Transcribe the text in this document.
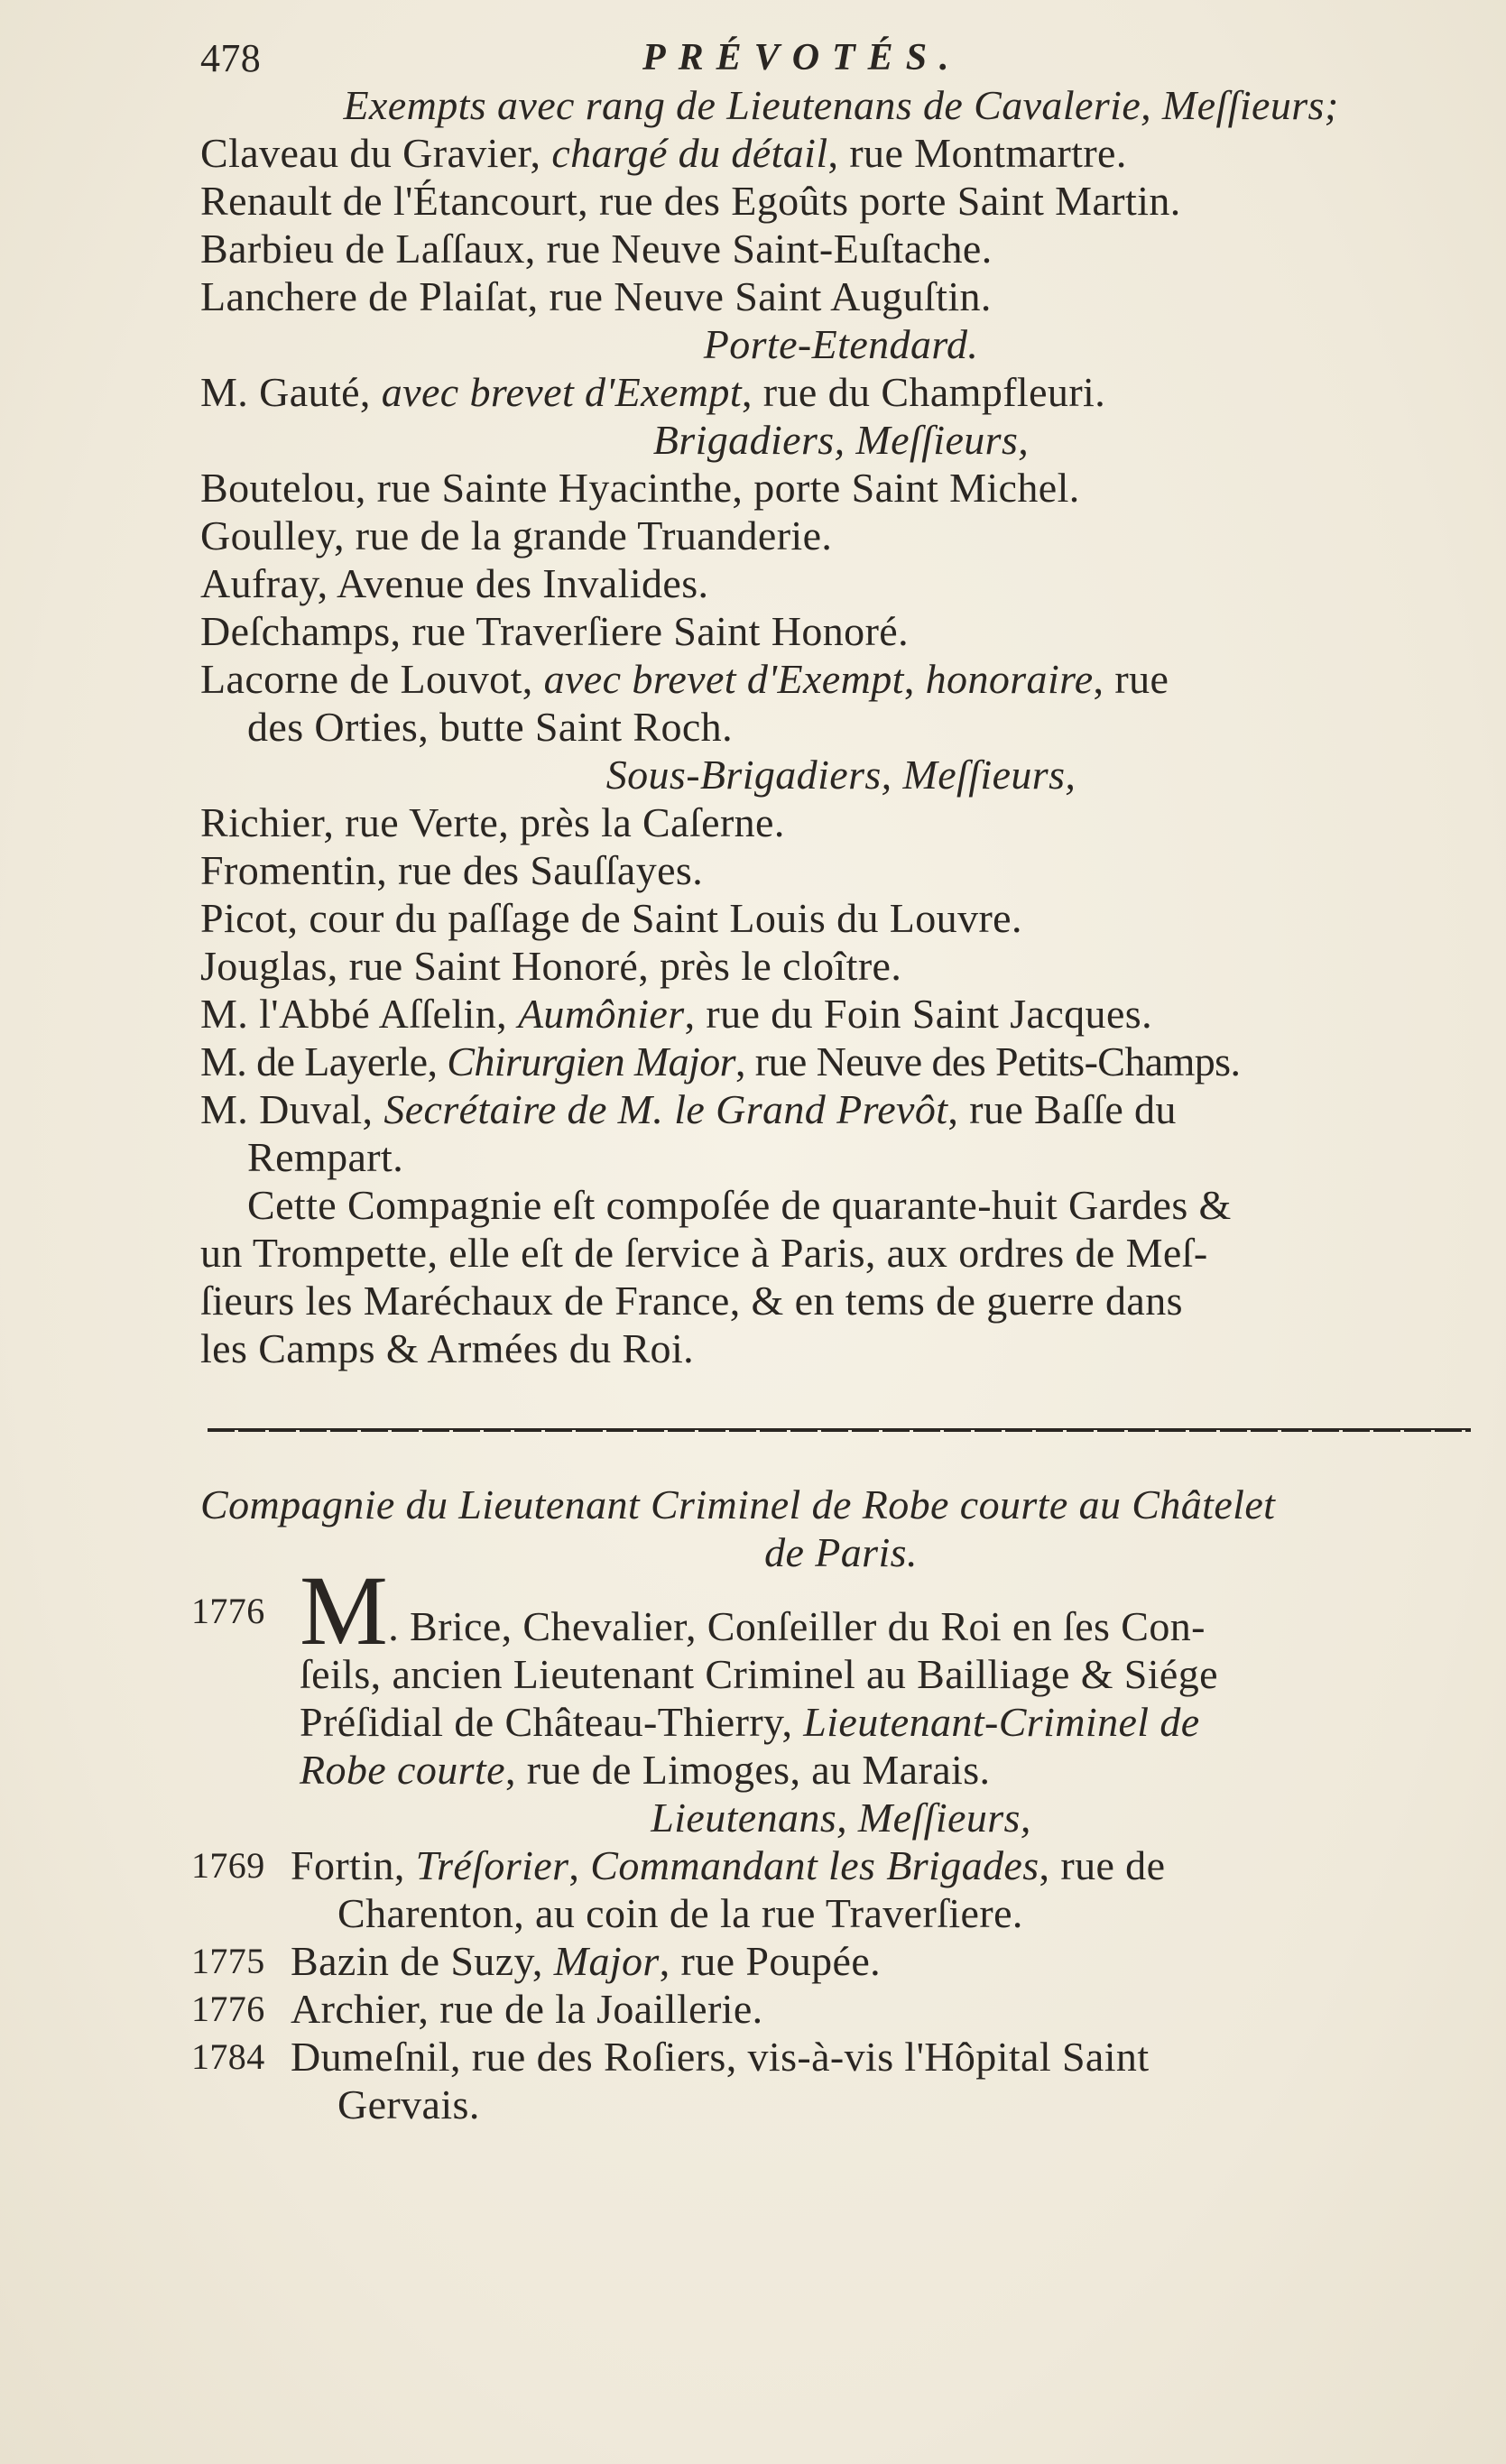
478	PRÉVOTÉS.
Exempts avec rang de Lieutenans de Cavalerie, Meſſieurs;
Claveau du Gravier, chargé du détail, rue Montmartre.
Renault de l'Étancourt, rue des Egoûts porte Saint Martin.
Barbieu de Laſſaux, rue Neuve Saint-Euſtache.
Lanchere de Plaiſat, rue Neuve Saint Auguſtin.
Porte-Etendard.
M. Gauté, avec brevet d'Exempt, rue du Champfleuri.
Brigadiers, Meſſieurs,
Boutelou, rue Sainte Hyacinthe, porte Saint Michel.
Goulley, rue de la grande Truanderie.
Aufray, Avenue des Invalides.
Deſchamps, rue Traverſiere Saint Honoré.
Lacorne de Louvot, avec brevet d'Exempt, honoraire, rue
des Orties, butte Saint Roch.
Sous-Brigadiers, Meſſieurs,
Richier, rue Verte, près la Caſerne.
Fromentin, rue des Sauſſayes.
Picot, cour du paſſage de Saint Louis du Louvre.
Jouglas, rue Saint Honoré, près le cloître.
M. l'Abbé Aſſelin, Aumônier, rue du Foin Saint Jacques.
M. de Layerle, Chirurgien Major, rue Neuve des Petits-Champs.
M. Duval, Secrétaire de M. le Grand Prevôt, rue Baſſe du
Rempart.
Cette Compagnie eſt compoſée de quarante-huit Gardes &
un Trompette, elle eſt de ſervice à Paris, aux ordres de Meſ-
ſieurs les Maréchaux de France, & en tems de guerre dans
les Camps & Armées du Roi.
Compagnie du Lieutenant Criminel de Robe courte au Châtelet
de Paris.
1776 M. Brice, Chevalier, Conſeiller du Roi en ſes Con-
ſeils, ancien Lieutenant Criminel au Bailliage & Siége
Préſidial de Château-Thierry, Lieutenant-Criminel de
Robe courte, rue de Limoges, au Marais.
Lieutenans, Meſſieurs,
1769 Fortin, Tréſorier, Commandant les Brigades, rue de
Charenton, au coin de la rue Traverſiere.
1775 Bazin de Suzy, Major, rue Poupée.
1776 Archier, rue de la Joaillerie.
1784 Dumeſnil, rue des Roſiers, vis-à-vis l'Hôpital Saint
Gervais.
